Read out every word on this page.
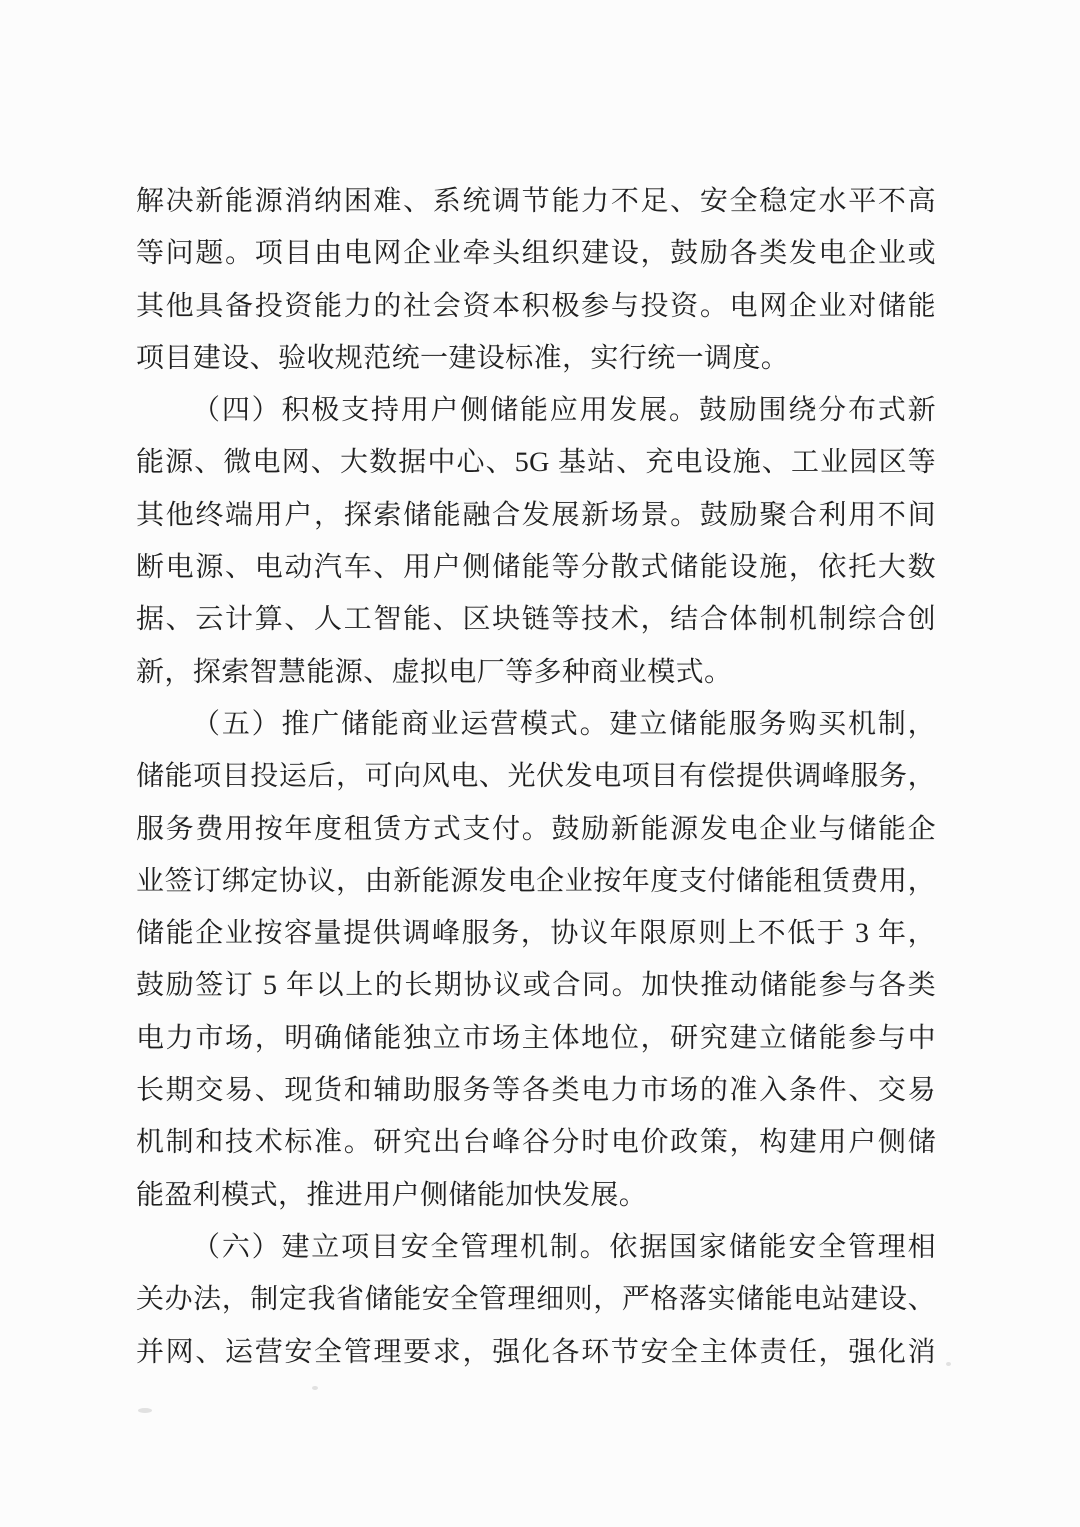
解决新能源消纳困难、系统调节能力不足、安全稳定水平不高
等问题。项目由电网企业牵头组织建设，鼓励各类发电企业或
其他具备投资能力的社会资本积极参与投资。电网企业对储能
项目建设、验收规范统一建设标准，实行统一调度。
（四）积极支持用户侧储能应用发展。鼓励围绕分布式新
能源、微电网、大数据中心、5G 基站、充电设施、工业园区等
其他终端用户，探索储能融合发展新场景。鼓励聚合利用不间
断电源、电动汽车、用户侧储能等分散式储能设施，依托大数
据、云计算、人工智能、区块链等技术，结合体制机制综合创
新，探索智慧能源、虚拟电厂等多种商业模式。
（五）推广储能商业运营模式。建立储能服务购买机制，
储能项目投运后，可向风电、光伏发电项目有偿提供调峰服务，
服务费用按年度租赁方式支付。鼓励新能源发电企业与储能企
业签订绑定协议，由新能源发电企业按年度支付储能租赁费用，
储能企业按容量提供调峰服务，协议年限原则上不低于 3 年，
鼓励签订 5 年以上的长期协议或合同。加快推动储能参与各类
电力市场，明确储能独立市场主体地位，研究建立储能参与中
长期交易、现货和辅助服务等各类电力市场的准入条件、交易
机制和技术标准。研究出台峰谷分时电价政策，构建用户侧储
能盈利模式，推进用户侧储能加快发展。
（六）建立项目安全管理机制。依据国家储能安全管理相
关办法，制定我省储能安全管理细则，严格落实储能电站建设、
并网、运营安全管理要求，强化各环节安全主体责任，强化消
